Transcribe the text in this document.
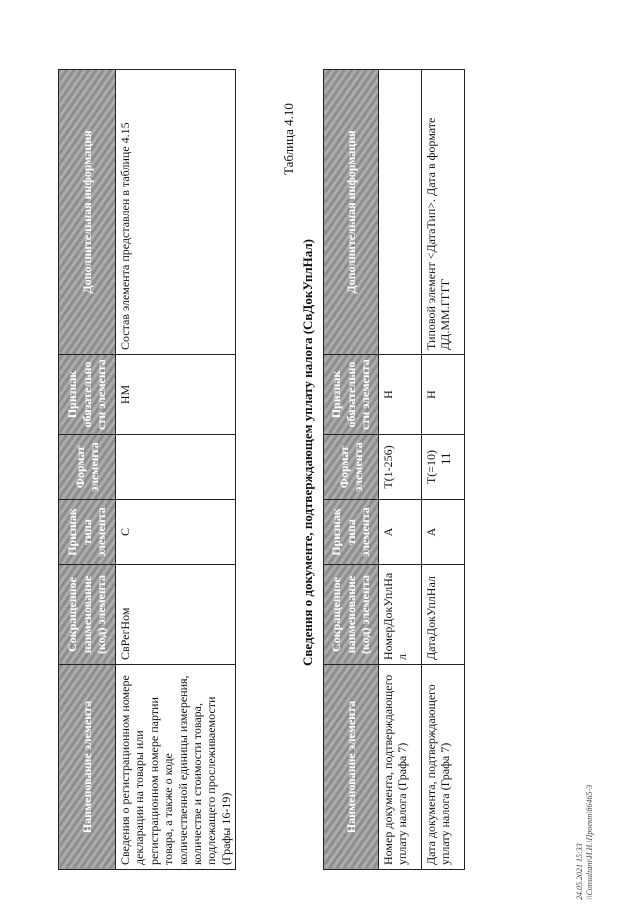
11
Наименование элемента	Сокращенное наименование (код) элемента	Признак типа элемента	Формат элемента	Признак обязательности элемента	Дополнительная информация
Сведения о регистрационном номере декларации на товары или регистрационном номере партии товара, а также о коде количественной единицы измерения, количестве и стоимости товара, подлежащего прослеживаемости (Графы 16-19)	СвРегНом	С		НМ	Состав элемента представлен в таблице 4.15	Таблица 4.10
Сведения о документе, подтверждающем уплату налога (СвДокУплНал)
Наименование элемента	Сокращенное наименование (код) элемента	Признак типа элемента	Формат элемента	Признак обязательности элемента	Дополнительная информация
Номер документа, подтверждающего уплату налога (Графа 7)	НомерДокУплНал	А	Т(1-256)	Н	
Дата документа, подтверждающего уплату налога (Графа 7)	ДатаДокУплНал	А	Т(=10)	Н	Типовой элемент <ДатаТип>. Дата в формате ДД.ММ.ГГГГ
24.05.2021 15:33 \\Consultant\И.И.\Проект\86465-3
